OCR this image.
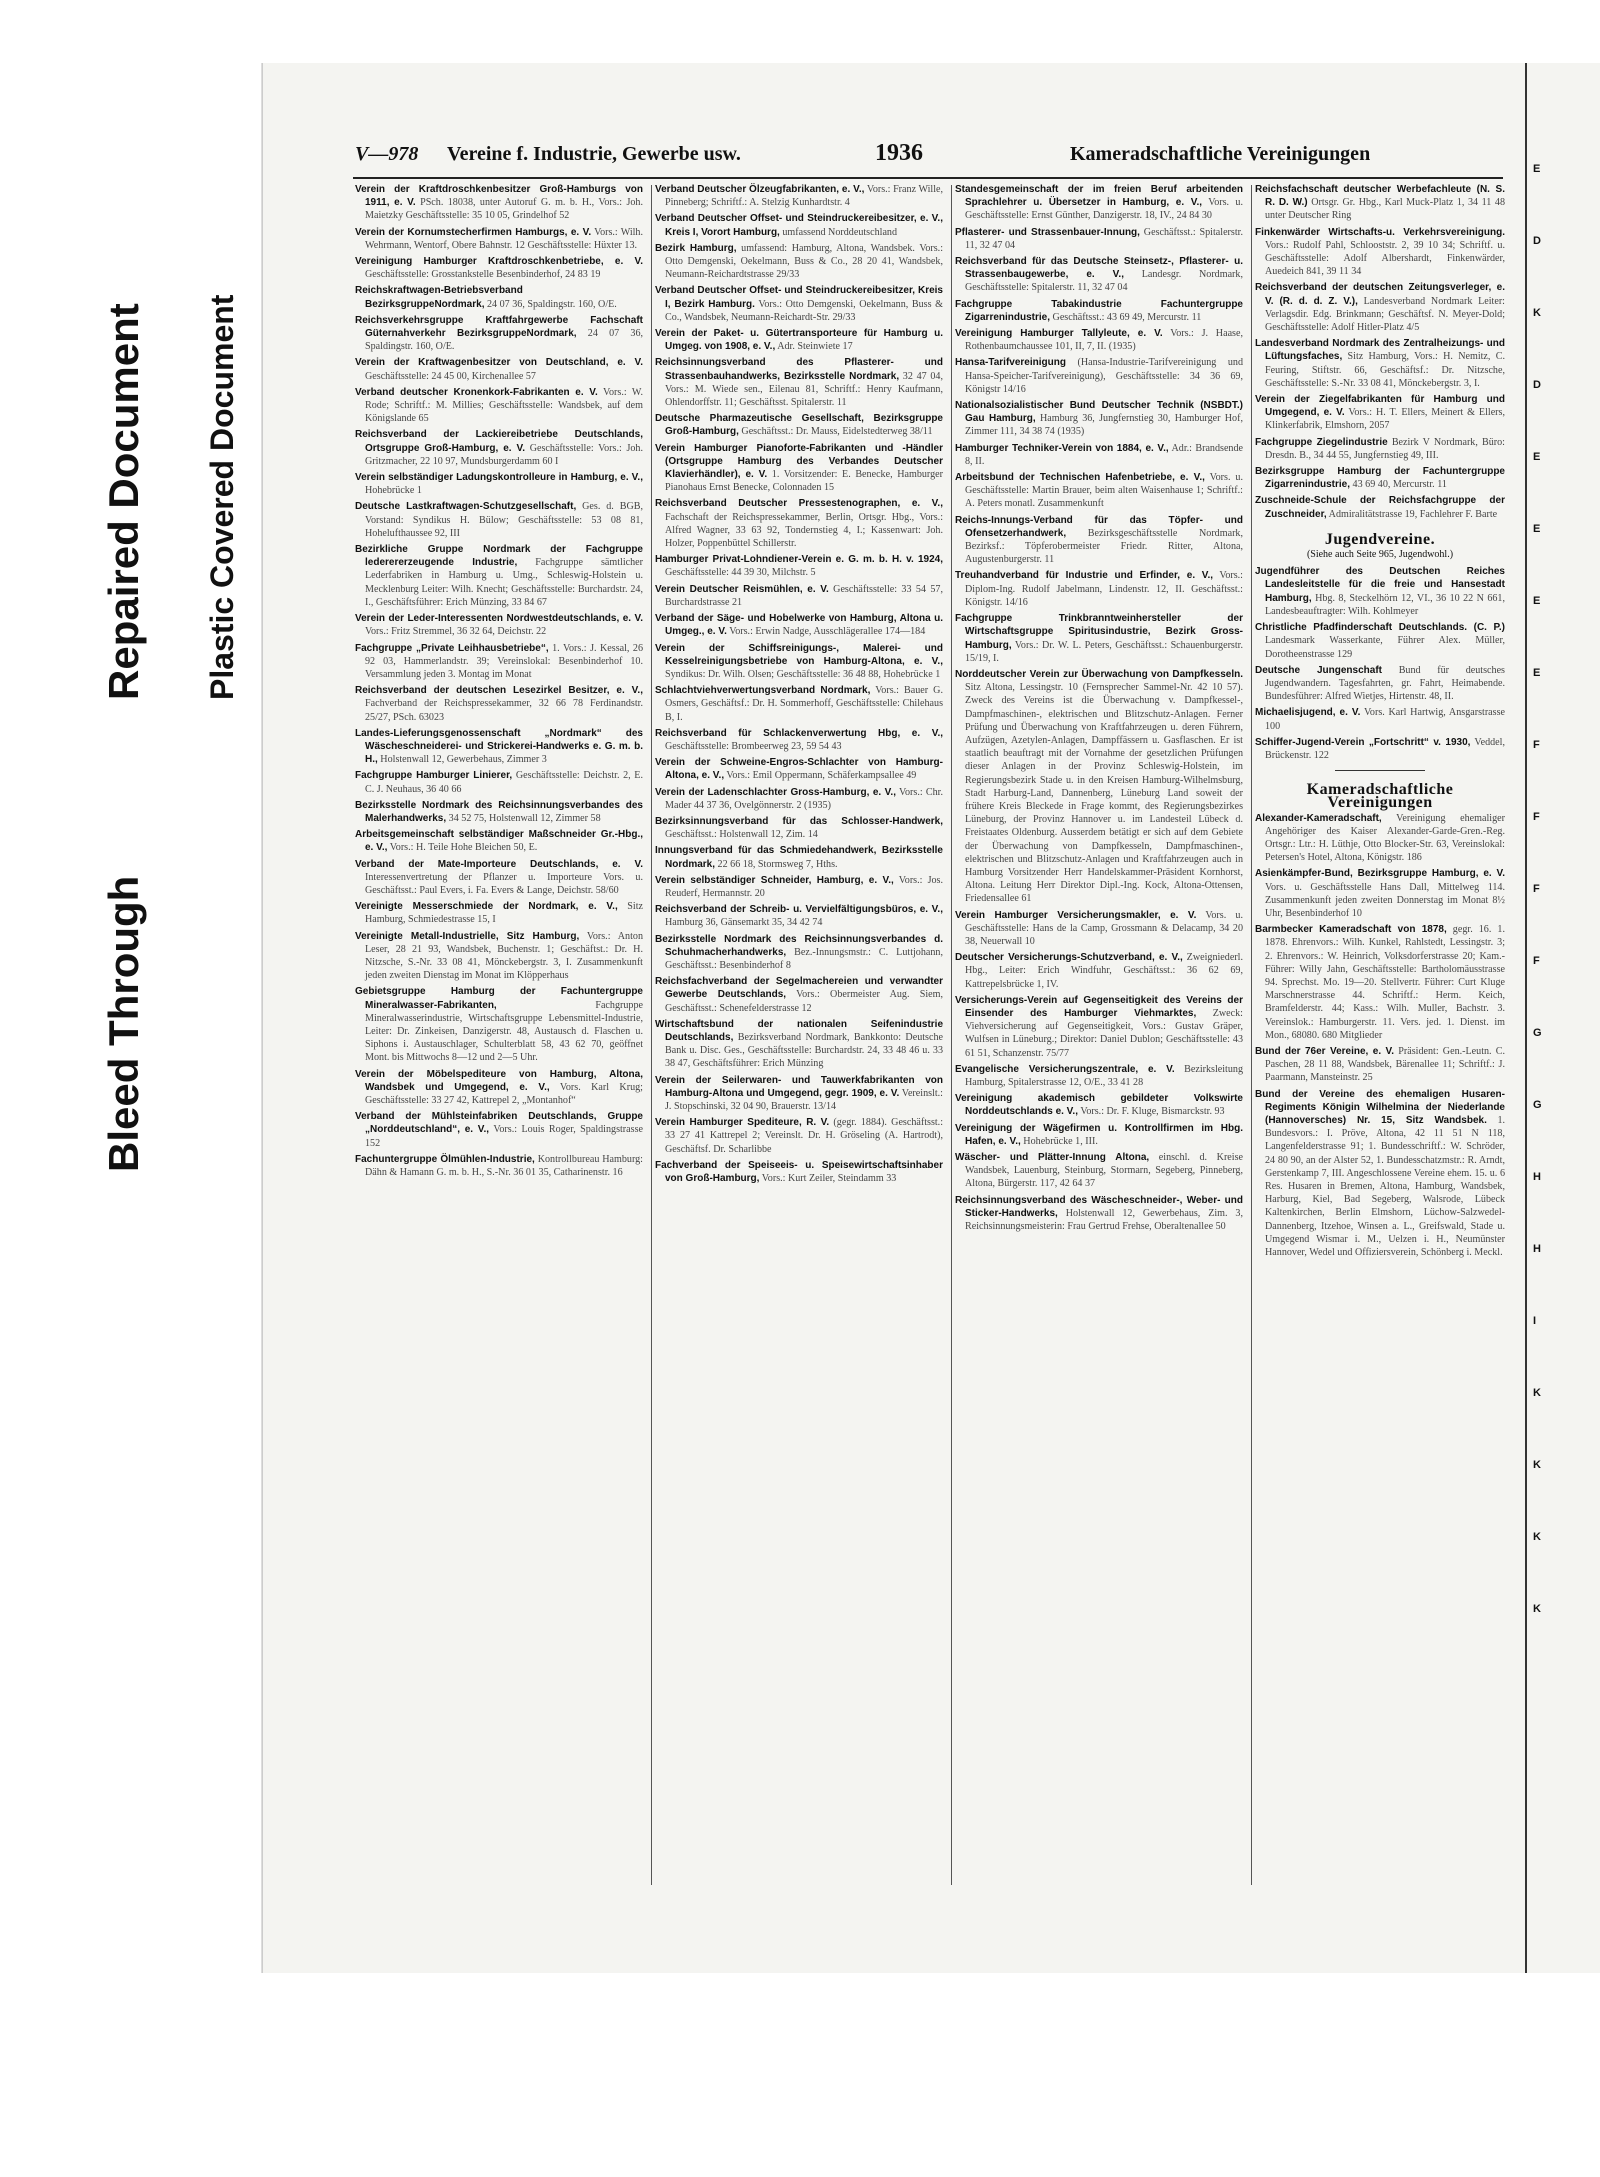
Bleed Through
Repaired Document Plastic Covered Document
V—978 Vereine f. Industrie, Gewerbe usw.	1936	Kameradschaftliche Vereinigungen
Verein der Kraftdroschkenbesitzer Groß-Hamburgs von 1911, e. V. PSch. 18038, unter Autoruf G. m. b. H., Vors.: Joh. Maietzky Geschäftsstelle: 35 10 05, Grindelhof 52
Verein der Kornumstecherfirmen Hamburgs, e. V. Vors.: Wilh. Wehrmann, Wentorf, Obere Bahnstr. 12 Geschäftsstelle: Hüxter 13.
Vereinigung Hamburger Kraftdroschkenbetriebe, e. V. Geschäftsstelle: Grosstankstelle Besenbinderhof, 24 83 19
Reichskraftwagen-Betriebsverband BezirksgruppeNordmark, 24 07 36, Spaldingstr. 160, O/E.
Reichsverkehrsgruppe Kraftfahrgewerbe Fachschaft Güternahverkehr BezirksgruppeNordmark, 24 07 36, Spaldingstr. 160, O/E.
Verein der Kraftwagenbesitzer von Deutschland, e. V. Geschäftsstelle: 24 45 00, Kirchenallee 57
Verband deutscher Kronenkork-Fabrikanten e. V. Vors.: W. Rode; Schriftf.: M. Millies; Geschäftsstelle: Wandsbek, auf dem Königslande 65
Reichsverband der Lackiereibetriebe Deutschlands, Ortsgruppe Groß-Hamburg, e. V. Geschäftsstelle: Vors.: Joh. Gritzmacher, 22 10 97, Mundsburgerdamm 60 I
Verein selbständiger Ladungskontrolleure in Hamburg, e. V., Hohebrücke 1
Deutsche Lastkraftwagen-Schutzgesellschaft, Ges. d. BGB, Vorstand: Syndikus H. Bülow; Geschäftsstelle: 53 08 81, Hohelufthaussee 92, III
Bezirkliche Gruppe Nordmark der Fachgruppe lederererzeugende Industrie, Fachgruppe sämtlicher Lederfabriken in Hamburg u. Umg., Schleswig-Holstein u. Mecklenburg Leiter: Wilh. Knecht; Geschäftsstelle: Burchardstr. 24, I., Geschäftsführer: Erich Münzing, 33 84 67
Verein der Leder-Interessenten Nordwestdeutschlands, e. V. Vors.: Fritz Stremmel, 36 32 64, Deichstr. 22
Fachgruppe „Private Leihhausbetriebe“, 1. Vors.: J. Kessal, 26 92 03, Hammerlandstr. 39; Vereinslokal: Besenbinderhof 10. Versammlung jeden 3. Montag im Monat
Reichsverband der deutschen Lesezirkel Besitzer, e. V., Fachverband der Reichspressekammer, 32 66 78 Ferdinandstr. 25/27, PSch. 63023
Landes-Lieferungsgenossenschaft „Nordmark“ des Wäscheschneiderei- und Strickerei-Handwerks e. G. m. b. H., Holstenwall 12, Gewerbehaus, Zimmer 3
Fachgruppe Hamburger Linierer, Geschäftsstelle: Deichstr. 2, E. C. J. Neuhaus, 36 40 66
Bezirksstelle Nordmark des Reichsinnungsverbandes des Malerhandwerks, 34 52 75, Holstenwall 12, Zimmer 58
Arbeitsgemeinschaft selbständiger Maßschneider Gr.-Hbg., e. V., Vors.: H. Teile Hohe Bleichen 50, E.
Verband der Mate-Importeure Deutschlands, e. V. Interessenvertretung der Pflanzer u. Importeure Vors. u. Geschäftsst.: Paul Evers, i. Fa. Evers & Lange, Deichstr. 58/60
Vereinigte Messerschmiede der Nordmark, e. V., Sitz Hamburg, Schmiedestrasse 15, I
Vereinigte Metall-Industrielle, Sitz Hamburg, Vors.: Anton Leser, 28 21 93, Wandsbek, Buchenstr. 1; Geschäftst.: Dr. H. Nitzsche, S.-Nr. 33 08 41, Mönckebergstr. 3, I. Zusammenkunft jeden zweiten Dienstag im Monat im Klöpperhaus
Gebietsgruppe Hamburg der Fachuntergruppe Mineralwasser-Fabrikanten, Fachgruppe Mineralwasserindustrie, Wirtschaftsgruppe Lebensmittel-Industrie, Leiter: Dr. Zinkeisen, Danzigerstr. 48, Austausch d. Flaschen u. Siphons i. Austauschlager, Schulterblatt 58, 43 62 70, geöffnet Mont. bis Mittwochs 8—12 und 2—5 Uhr.
Verein der Möbelspediteure von Hamburg, Altona, Wandsbek und Umgegend, e. V., Vors. Karl Krug; Geschäftsstelle: 33 27 42, Kattrepel 2, „Montanhof“
Verband der Mühlsteinfabriken Deutschlands, Gruppe „Norddeutschland“, e. V., Vors.: Louis Roger, Spaldingstrasse 152
Fachuntergruppe Ölmühlen-Industrie, Kontrollbureau Hamburg: Dähn & Hamann G. m. b. H., S.-Nr. 36 01 35, Catharinenstr. 16
Verband Deutscher Ölzeugfabrikanten, e. V., Vors.: Franz Wille, Pinneberg; Schriftf.: A. Stelzig Kunhardtstr. 4
Verband Deutscher Offset- und Steindruckereibesitzer, e. V., Kreis I, Vorort Hamburg, umfassend Norddeutschland
Bezirk Hamburg, umfassend: Hamburg, Altona, Wandsbek. Vors.: Otto Demgenski, Oekelmann, Buss & Co., 28 20 41, Wandsbek, Neumann-Reichardtstrasse 29/33
Verband Deutscher Offset- und Steindruckereibesitzer, Kreis I, Bezirk Hamburg. Vors.: Otto Demgenski, Oekelmann, Buss & Co., Wandsbek, Neumann-Reichardt-Str. 29/33
Verein der Paket- u. Gütertransporteure für Hamburg u. Umgeg. von 1908, e. V., Adr. Steinwiete 17
Reichsinnungsverband des Pflasterer- und Strassenbauhandwerks, Bezirksstelle Nordmark, 32 47 04, Vors.: M. Wiede sen., Eilenau 81, Schriftf.: Henry Kaufmann, Ohlendorffstr. 11; Geschäftsst. Spitalerstr. 11
Deutsche Pharmazeutische Gesellschaft, Bezirksgruppe Groß-Hamburg, Geschäftsst.: Dr. Mauss, Eidelstedterweg 38/11
Verein Hamburger Pianoforte-Fabrikanten und -Händler (Ortsgruppe Hamburg des Verbandes Deutscher Klavierhändler), e. V. 1. Vorsitzender: E. Benecke, Hamburger Pianohaus Ernst Benecke, Colonnaden 15
Reichsverband Deutscher Pressestenographen, e. V., Fachschaft der Reichspressekammer, Berlin, Ortsgr. Hbg., Vors.: Alfred Wagner, 33 63 92, Tondernstieg 4, I.; Kassenwart: Joh. Holzer, Poppenbüttel Schillerstr.
Hamburger Privat-Lohndiener-Verein e. G. m. b. H. v. 1924, Geschäftsstelle: 44 39 30, Milchstr. 5
Verein Deutscher Reismühlen, e. V. Geschäftsstelle: 33 54 57, Burchardstrasse 21
Verband der Säge- und Hobelwerke von Hamburg, Altona u. Umgeg., e. V. Vors.: Erwin Nadge, Ausschlägerallee 174—184
Verein der Schiffsreinigungs-, Malerei- und Kesselreinigungsbetriebe von Hamburg-Altona, e. V., Syndikus: Dr. Wilh. Olsen; Geschäftsstelle: 36 48 88, Hohebrücke 1
Schlachtviehverwertungsverband Nordmark, Vors.: Bauer G. Osmers, Geschäftsf.: Dr. H. Sommerhoff, Geschäftsstelle: Chilehaus B, I.
Reichsverband für Schlackenverwertung Hbg, e. V., Geschäftsstelle: Brombeerweg 23, 59 54 43
Verein der Schweine-Engros-Schlachter von Hamburg-Altona, e. V., Vors.: Emil Oppermann, Schäferkampsallee 49
Verein der Ladenschlachter Gross-Hamburg, e. V., Vors.: Chr. Mader 44 37 36, Ovelgönnerstr. 2 (1935)
Bezirksinnungsverband für das Schlosser-Handwerk, Geschäftsst.: Holstenwall 12, Zim. 14
Innungsverband für das Schmiedehandwerk, Bezirksstelle Nordmark, 22 66 18, Stormsweg 7, Hths.
Verein selbständiger Schneider, Hamburg, e. V., Vors.: Jos. Reuderf, Hermannstr. 20
Reichsverband der Schreib- u. Vervielfältigungsbüros, e. V., Hamburg 36, Gänsemarkt 35, 34 42 74
Bezirksstelle Nordmark des Reichsinnungsverbandes d. Schuhmacherhandwerks, Bez.-Innungsmstr.: C. Luttjohann, Geschäftsst.: Besenbinderhof 8
Reichsfachverband der Segelmachereien und verwandter Gewerbe Deutschlands, Vors.: Obermeister Aug. Siem, Geschäftsst.: Schenefelderstrasse 12
Wirtschaftsbund der nationalen Seifenindustrie Deutschlands, Bezirksverband Nordmark, Bankkonto: Deutsche Bank u. Disc. Ges., Geschäftsstelle: Burchardstr. 24, 33 48 46 u. 33 38 47, Geschäftsführer: Erich Münzing
Verein der Seilerwaren- und Tauwerkfabrikanten von Hamburg-Altona und Umgegend, gegr. 1909, e. V. Vereinslt.: J. Stopschinski, 32 04 90, Brauerstr. 13/14
Verein Hamburger Spediteure, R. V. (gegr. 1884). Geschäftsst.: 33 27 41 Kattrepel 2; Vereinslt. Dr. H. Gröseling (A. Hartrodt), Geschäftsf. Dr. Scharlibbe
Fachverband der Speiseeis- u. Speisewirtschaftsinhaber von Groß-Hamburg, Vors.: Kurt Zeiler, Steindamm 33
Standesgemeinschaft der im freien Beruf arbeitenden Sprachlehrer u. Übersetzer in Hamburg, e. V., Vors. u. Geschäftsstelle: Ernst Günther, Danzigerstr. 18, IV., 24 84 30
Pflasterer- und Strassenbauer-Innung, Geschäftsst.: Spitalerstr. 11, 32 47 04
Reichsverband für das Deutsche Steinsetz-, Pflasterer- u. Strassenbaugewerbe, e. V., Landesgr. Nordmark, Geschäftsstelle: Spitalerstr. 11, 32 47 04
Fachgruppe Tabakindustrie Fachuntergruppe Zigarrenindustrie, Geschäftsst.: 43 69 49, Mercurstr. 11
Vereinigung Hamburger Tallyleute, e. V. Vors.: J. Haase, Rothenbaumchaussee 101, II, 7, II. (1935)
Hansa-Tarifvereinigung (Hansa-Industrie-Tarifvereinigung und Hansa-Speicher-Tarifvereinigung), Geschäftsstelle: 34 36 69, Königstr 14/16
Nationalsozialistischer Bund Deutscher Technik (NSBDT.) Gau Hamburg, Hamburg 36, Jungfernstieg 30, Hamburger Hof, Zimmer 111, 34 38 74 (1935)
Hamburger Techniker-Verein von 1884, e. V., Adr.: Brandsende 8, II.
Arbeitsbund der Technischen Hafenbetriebe, e. V., Vors. u. Geschäftsstelle: Martin Brauer, beim alten Waisenhause 1; Schriftf.: A. Peters monatl. Zusammenkunft
Reichs-Innungs-Verband für das Töpfer- und Ofensetzerhandwerk, Bezirksgeschäftsstelle Nordmark, Bezirksf.: Töpferobermeister Friedr. Ritter, Altona, Augustenburgerstr. 11
Treuhandverband für Industrie und Erfinder, e. V., Vors.: Diplom-Ing. Rudolf Jabelmann, Lindenstr. 12, II. Geschäftsst.: Königstr. 14/16
Fachgruppe Trinkbranntweinhersteller der Wirtschaftsgruppe Spiritusindustrie, Bezirk Gross-Hamburg, Vors.: Dr. W. L. Peters, Geschäftsst.: Schauenburgerstr. 15/19, I.
Norddeutscher Verein zur Überwachung von Dampfkesseln. Sitz Altona, Lessingstr. 10 (Fernsprecher Sammel-Nr. 42 10 57). Zweck des Vereins ist die Überwachung v. Dampfkessel-, Dampfmaschinen-, elektrischen und Blitzschutz-Anlagen. Ferner Prüfung und Überwachung von Kraftfahrzeugen u. deren Führern, Aufzügen, Azetylen-Anlagen, Dampffässern u. Gasflaschen. Er ist staatlich beauftragt mit der Vornahme der gesetzlichen Prüfungen dieser Anlagen in der Provinz Schleswig-Holstein, im Regierungsbezirk Stade u. in den Kreisen Hamburg-Wilhelmsburg, Stadt Harburg-Land, Dannenberg, Lüneburg Land soweit der frühere Kreis Bleckede in Frage kommt, des Regierungsbezirkes Lüneburg, der Provinz Hannover u. im Landesteil Lübeck d. Freistaates Oldenburg. Ausserdem betätigt er sich auf dem Gebiete der Überwachung von Dampfkesseln, Dampfmaschinen-, elektrischen und Blitzschutz-Anlagen und Kraftfahrzeugen auch in Hamburg Vorsitzender Herr Handelskammer-Präsident Kornhorst, Altona. Leitung Herr Direktor Dipl.-Ing. Kock, Altona-Ottensen, Friedensallee 61
Verein Hamburger Versicherungsmakler, e. V. Vors. u. Geschäftsstelle: Hans de la Camp, Grossmann & Delacamp, 34 20 38, Neuerwall 10
Deutscher Versicherungs-Schutzverband, e. V., Zweigniederl. Hbg., Leiter: Erich Windfuhr, Geschäftsst.: 36 62 69, Kattrepelsbrücke 1, IV.
Versicherungs-Verein auf Gegenseitigkeit des Vereins der Einsender des Hamburger Viehmarktes, Zweck: Viehversicherung auf Gegenseitigkeit, Vors.: Gustav Gräper, Wulfsen in Lüneburg.; Direktor: Daniel Dublon; Geschäftsstelle: 43 61 51, Schanzenstr. 75/77
Evangelische Versicherungszentrale, e. V. Bezirksleitung Hamburg, Spitalerstrasse 12, O/E., 33 41 28
Vereinigung akademisch gebildeter Volkswirte Norddeutschlands e. V., Vors.: Dr. F. Kluge, Bismarckstr. 93
Vereinigung der Wägefirmen u. Kontrollfirmen im Hbg. Hafen, e. V., Hohebrücke 1, III.
Wäscher- und Plätter-Innung Altona, einschl. d. Kreise Wandsbek, Lauenburg, Steinburg, Stormarn, Segeberg, Pinneberg, Altona, Bürgerstr. 117, 42 64 37
Reichsinnungsverband des Wäscheschneider-, Weber- und Sticker-Handwerks, Holstenwall 12, Gewerbehaus, Zim. 3, Reichsinnungsmeisterin: Frau Gertrud Frehse, Oberaltenallee 50
Reichsfachschaft deutscher Werbefachleute (N. S. R. D. W.) Ortsgr. Gr. Hbg., Karl Muck-Platz 1, 34 11 48 unter Deutscher Ring
Finkenwärder Wirtschafts-u. Verkehrsvereinigung. Vors.: Rudolf Pahl, Schlooststr. 2, 39 10 34; Schriftf. u. Geschäftsstelle: Adolf Albershardt, Finkenwärder, Auedeich 841, 39 11 34
Reichsverband der deutschen Zeitungsverleger, e. V. (R. d. d. Z. V.), Landesverband Nordmark Leiter: Verlagsdir. Edg. Brinkmann; Geschäftsf. N. Meyer-Dold; Geschäftsstelle: Adolf Hitler-Platz 4/5
Landesverband Nordmark des Zentralheizungs- und Lüftungsfaches, Sitz Hamburg, Vors.: H. Nemitz, C. Feuring, Stiftstr. 66, Geschäftsf.: Dr. Nitzsche, Geschäftsstelle: S.-Nr. 33 08 41, Mönckebergstr. 3, I.
Verein der Ziegelfabrikanten für Hamburg und Umgegend, e. V. Vors.: H. T. Ellers, Meinert & Ellers, Klinkerfabrik, Elmshorn, 2057
Fachgruppe Ziegelindustrie Bezirk V Nordmark, Büro: Dresdn. B., 34 44 55, Jungfernstieg 49, III.
Bezirksgruppe Hamburg der Fachuntergruppe Zigarrenindustrie, 43 69 40, Mercurstr. 11
Zuschneide-Schule der Reichsfachgruppe der Zuschneider, Admiralitätstrasse 19, Fachlehrer F. Barte
Jugendvereine.
(Siehe auch Seite 965, Jugendwohl.)
Jugendführer des Deutschen Reiches Landesleitstelle für die freie und Hansestadt Hamburg, Hbg. 8, Steckelhörn 12, VI., 36 10 22 N 661, Landesbeauftragter: Wilh. Kohlmeyer
Christliche Pfadfinderschaft Deutschlands. (C. P.) Landesmark Wasserkante, Führer Alex. Müller, Dorotheenstrasse 129
Deutsche Jungenschaft Bund für deutsches Jugendwandern. Tagesfahrten, gr. Fahrt, Heimabende. Bundesführer: Alfred Wietjes, Hirtenstr. 48, II.
Michaelisjugend, e. V. Vors. Karl Hartwig, Ansgarstrasse 100
Schiffer-Jugend-Verein „Fortschritt“ v. 1930, Veddel, Brückenstr. 122
Kameradschaftliche Vereinigungen
Alexander-Kameradschaft, Vereinigung ehemaliger Angehöriger des Kaiser Alexander-Garde-Gren.-Reg. Ortsgr.: Ltr.: H. Lüthje, Otto Blocker-Str. 63, Vereinslokal: Petersen's Hotel, Altona, Königstr. 186
Asienkämpfer-Bund, Bezirksgruppe Hamburg, e. V. Vors. u. Geschäftsstelle Hans Dall, Mittelweg 114. Zusammenkunft jeden zweiten Donnerstag im Monat 8½ Uhr, Besenbinderhof 10
Barmbecker Kameradschaft von 1878, gegr. 16. 1. 1878. Ehrenvors.: Wilh. Kunkel, Rahlstedt, Lessingstr. 3; 2. Ehrenvors.: W. Heinrich, Volksdorferstrasse 20; Kam.-Führer: Willy Jahn, Geschäftsstelle: Bartholomäusstrasse 94. Sprechst. Mo. 19—20. Stellvertr. Führer: Curt Kluge Marschnerstrasse 44. Schriftf.: Herm. Keich, Bramfelderstr. 44; Kass.: Wilh. Muller, Bachstr. 3. Vereinslok.: Hamburgerstr. 11. Vers. jed. 1. Dienst. im Mon., 68080. 680 Mitglieder
Bund der 76er Vereine, e. V. Präsident: Gen.-Leutn. C. Paschen, 28 11 88, Wandsbek, Bärenallee 11; Schriftf.: J. Paarmann, Mansteinstr. 25
Bund der Vereine des ehemaligen Husaren-Regiments Königin Wilhelmina der Niederlande (Hannoversches) Nr. 15, Sitz Wandsbek. 1. Bundesvors.: I. Pröve, Altona, 42 11 51 N 118, Langenfelderstrasse 91; 1. Bundesschriftf.: W. Schröder, 24 80 90, an der Alster 52, 1. Bundesschatzmstr.: R. Arndt, Gerstenkamp 7, III. Angeschlossene Vereine ehem. 15. u. 6 Res. Husaren in Bremen, Altona, Hamburg, Wandsbek, Harburg, Kiel, Bad Segeberg, Walsrode, Lübeck Kaltenkirchen, Berlin Elmshorn, Lüchow-Salzwedel-Dannenberg, Itzehoe, Winsen a. L., Greifswald, Stade u. Umgegend Wismar i. M., Uelzen i. H., Neumünster Hannover, Wedel und Offiziersverein, Schönberg i. Meckl.
E
D
K
D
E
E
E
E
F
F
F
F
G
G
H
H
I
K
K
K
K
